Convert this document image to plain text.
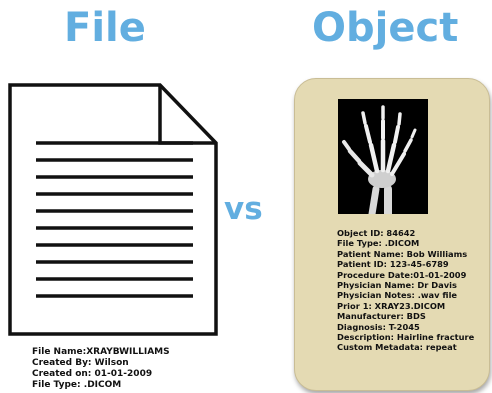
File	Object
vs
File Name:XRAYBWILLIAMS
Created By: Wilson
Created on: 01-01-2009
File Type: .DICOM
Object ID: 84642
File Type: .DICOM
Patient Name: Bob Williams
Patient ID: 123-45-6789
Procedure Date:01-01-2009
Physician Name: Dr Davis
Physician Notes: .wav file
Prior 1: XRAY23.DICOM
Manufacturer: BDS
Diagnosis: T-2045
Description: Hairline fracture
Custom Metadata: repeat
